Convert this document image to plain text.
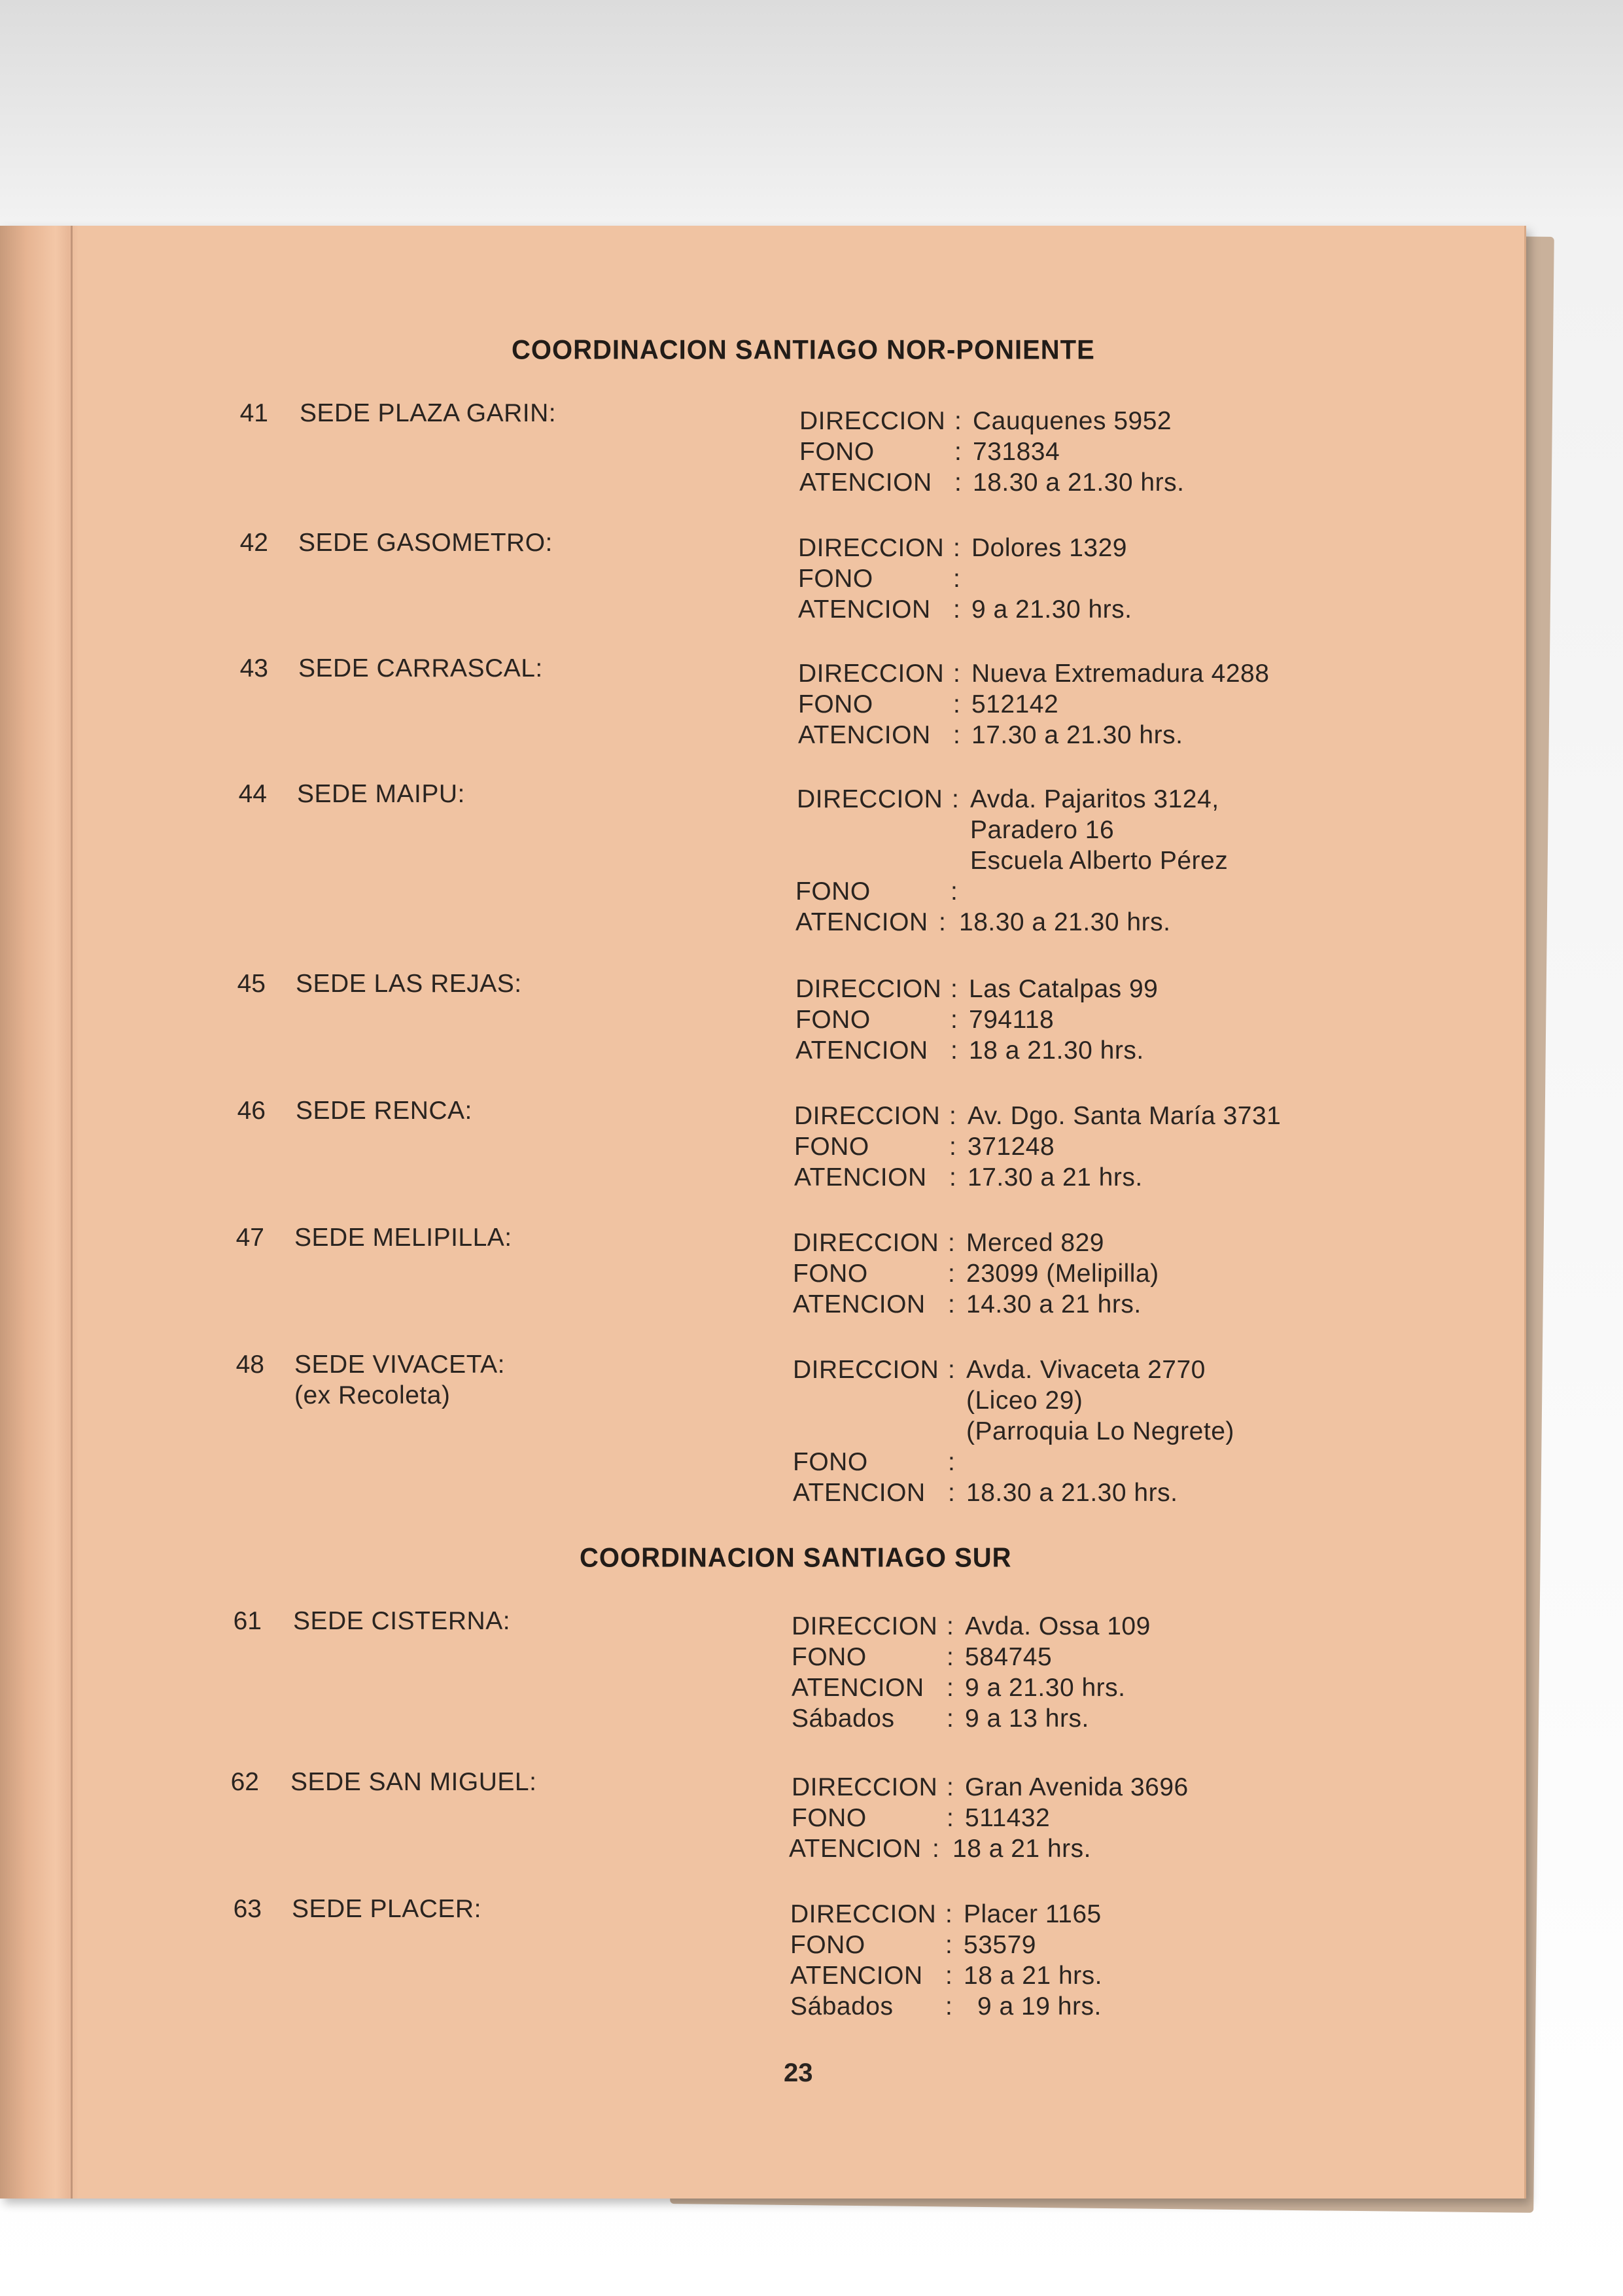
COORDINACION SANTIAGO NOR-PONIENTE
41 SEDE PLAZA GARIN:	DIRECCION : Cauquenes 5952
FONO	: 731834
ATENCION : 18.30 a 21.30 hrs.
42 SEDE GASOMETRO:	DIRECCION : Dolores 1329
FONO	:
ATENCION : 9 a 21.30 hrs.
43 SEDE CARRASCAL:	DIRECCION : Nueva Extremadura 4288
FONO	: 512142
ATENCION : 17.30 a 21.30 hrs.
44 SEDE MAIPU:	DIRECCION : Avda. Pajaritos 3124,
Paradero 16
Escuela Alberto Pérez
FONO	:
ATENCION : 18.30 a 21.30 hrs.
45 SEDE LAS REJAS:	DIRECCION : Las Catalpas 99
FONO	: 794118
ATENCION : 18 a 21.30 hrs.
46 SEDE RENCA:	DIRECCION : Av. Dgo. Santa María 3731
FONO	: 371248
ATENCION : 17.30 a 21 hrs.
47 SEDE MELIPILLA:	DIRECCION : Merced 829
FONO	: 23099 (Melipilla)
ATENCION : 14.30 a 21 hrs.
48 SEDE VIVACETA:
(ex Recoleta)
DIRECCION : Avda. Vivaceta 2770
(Liceo 29)
(Parroquia Lo Negrete)
FONO	:
ATENCION : 18.30 a 21.30 hrs.
COORDINACION SANTIAGO SUR
61 SEDE CISTERNA:	DIRECCION : Avda. Ossa 109
FONO	: 584745
ATENCION : 9 a 21.30 hrs.
Sábados : 9 a 13 hrs.
62 SEDE SAN MIGUEL:	DIRECCION : Gran Avenida 3696
FONO	: 511432
ATENCION : 18 a 21 hrs.
63 SEDE PLACER:	DIRECCION : Placer 1165
FONO	: 53579
ATENCION : 18 a 21 hrs.
Sábados : 9 a 19 hrs.
23
